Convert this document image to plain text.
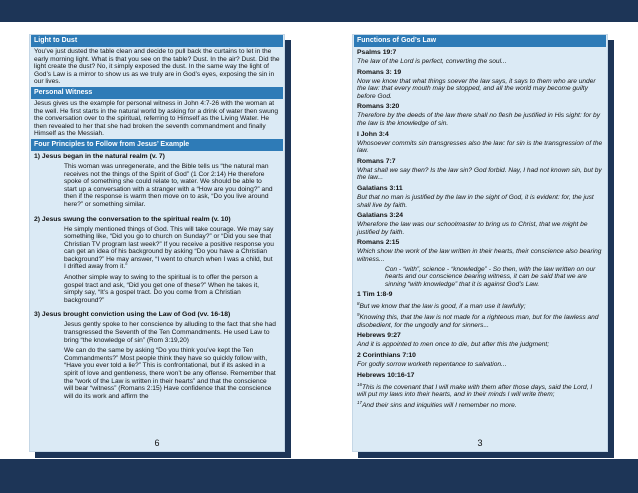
Light to Dust
You’ve just dusted the table clean and decide to pull back the curtains to let in the early morning light. What is that you see on the table? Dust. In the air? Dust. Did the light create the dust? No, it simply exposed the dust. In the same way the light of God’s Law is a mirror to show us as we truly are in God’s eyes, exposing the sin in our lives.
Personal Witness
Jesus gives us the example for personal witness in John 4:7-26 with the woman at the well. He first starts in the natural world by asking for a drink of water then swung the conversation over to the spiritual, referring to Himself as the Living Water. He then revealed to her that she had broken the seventh commandment and finally Himself as the Messiah.
Four Principles to Follow from Jesus’ Example
1) Jesus began in the natural realm (v. 7)

This woman was unregenerate, and the Bible tells us “the natural man receives not the things of the Spirit of God” (1 Cor 2:14) He therefore spoke of something she could relate to, water. We should be able to start up a conversation with a stranger with a “How are you doing?” and then if the response is warm then move on to ask, “Do you live around here?” or something similar.

2) Jesus swung the conversation to the spiritual realm (v. 10)

He simply mentioned things of God. This will take courage. We may say something like, “Did you go to church on Sunday?” or “Did you see that Christian TV program last week?” If you receive a positive response you can get an idea of his background by asking “Do you have a Christian background?” He may answer, “I went to church when I was a child, but I drifted away from it.”

Another simple way to swing to the spiritual is to offer the person a gospel tract and ask, “Did you get one of these?” When he takes it, simply say, “It’s a gospel tract. Do you come from a Christian background?”

3) Jesus brought conviction using the Law of God (vv. 16-18)

Jesus gently spoke to her conscience by alluding to the fact that she had transgressed the Seventh of the Ten Commandments. He used Law to bring “the knowledge of sin” (Rom 3:19,20)

We can do the same by asking “Do you think you’ve kept the Ten Commandments?” Most people think they have so quickly follow with, “Have you ever told a lie?” This is confrontational, but if its asked in a spirit of love and gentleness, there won’t be any offense. Remember that the “work of the Law is written in their hearts” and that the conscience will bear “witness” (Romans 2:15) Have confidence that the conscience will do its work and affirm the

6
Functions of God’s Law
Psalms 19:7
The law of the Lord is perfect, converting the soul...
Romans 3: 19
Now we know that what things soever the law says, it says to them who are under the law: that every mouth may be stopped, and all the world may become guilty before God.
Romans 3:20
Therefore by the deeds of the law there shall no flesh be justified in His sight: for by the law is the knowledge of sin.
I John 3:4
Whosoever commits sin transgresses also the law: for sin is the transgression of the law.
Romans 7:7
What shall we say then? Is the law sin? God forbid. Nay, I had not known sin, but by the law...
Galatians 3:11
But that no man is justified by the law in the sight of God, it is evident: for, the just shall live by faith.
Galatians 3:24
Wherefore the law was our schoolmaster to bring us to Christ, that we might be justified by faith.
Romans 2:15
Which show the work of the law written in their hearts, their conscience also bearing witness...
Con - “with”, science - “knowledge” - So then, with the law written on our hearts and our conscience bearing witness, it can be said that we are sinning “with knowledge” that it is against God’s Law.
1 Tim 1:8-9
$^8$But we know that the law is good, if a man use it lawfully;
$^9$Knowing this, that the law is not made for a righteous man, but for the lawless and disobedient, for the ungodly and for sinners...
Hebrews 9:27
And it is appointed to men once to die, but after this the judgment;
2 Corinthians 7:10
For godly sorrow worketh repentance to salvation...
Hebrews 10:16-17
$^{16}$This is the covenant that I will make with them after those days, said the Lord, I will put my laws into their hearts, and in their minds I will write them;
$^{17}$And their sins and iniquities will I remember no more.
3
